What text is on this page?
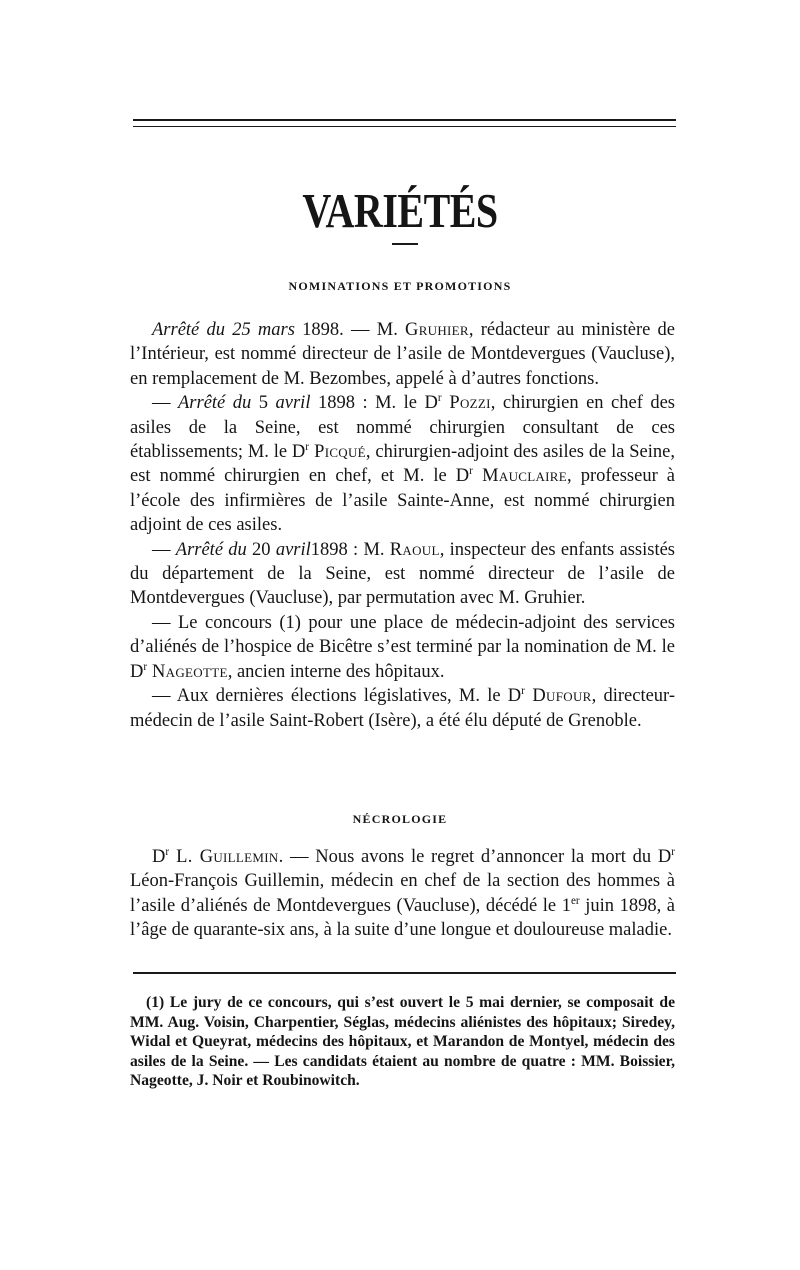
VARIÉTÉS
NOMINATIONS ET PROMOTIONS

Arrêté du 25 mars 1898. — M. Gruhier, rédacteur au ministère de l’Intérieur, est nommé directeur de l’asile de Montdevergues (Vaucluse), en remplacement de M. Bezombes, appelé à d’autres fonctions.

— Arrêté du 5 avril 1898 : M. le $D^r$ Pozzi, chirurgien en chef des asiles de la Seine, est nommé chirurgien consultant de ces établissements; M. le $D^r$ Picqué, chirurgien-adjoint des asiles de la Seine, est nommé chirurgien en chef, et M. le $D^r$ Mauclaire, professeur à l’école des infirmières de l’asile Sainte-Anne, est nommé chirurgien adjoint de ces asiles.

— Arrêté du 20 avril1898 : M. Raoul, inspecteur des enfants assistés du département de la Seine, est nommé directeur de l’asile de Montdevergues (Vaucluse), par permutation avec M. Gruhier.

— Le concours (1) pour une place de médecin-adjoint des services d’aliénés de l’hospice de Bicêtre s’est terminé par la nomination de M. le $D^r$ Nageotte, ancien interne des hôpitaux.

— Aux dernières élections législatives, M. le $D^r$ Dufour, directeur-médecin de l’asile Saint-Robert (Isère), a été élu député de Grenoble.

NÉCROLOGIE

$D^r$ L. Guillemin. — Nous avons le regret d’annoncer la mort du $D^r$ Léon-François Guillemin, médecin en chef de la section des hommes à l’asile d’aliénés de Montdevergues (Vaucluse), décédé le 1er juin 1898, à l’âge de quarante-six ans, à la suite d’une longue et douloureuse maladie.

(1) Le jury de ce concours, qui s’est ouvert le 5 mai dernier, se composait de MM. Aug. Voisin, Charpentier, Séglas, médecins aliénistes des hôpitaux; Siredey, Widal et Queyrat, médecins des hôpitaux, et Marandon de Montyel, médecin des asiles de la Seine. — Les candidats étaient au nombre de quatre : MM. Boissier, Nageotte, J. Noir et Roubinowitch.
